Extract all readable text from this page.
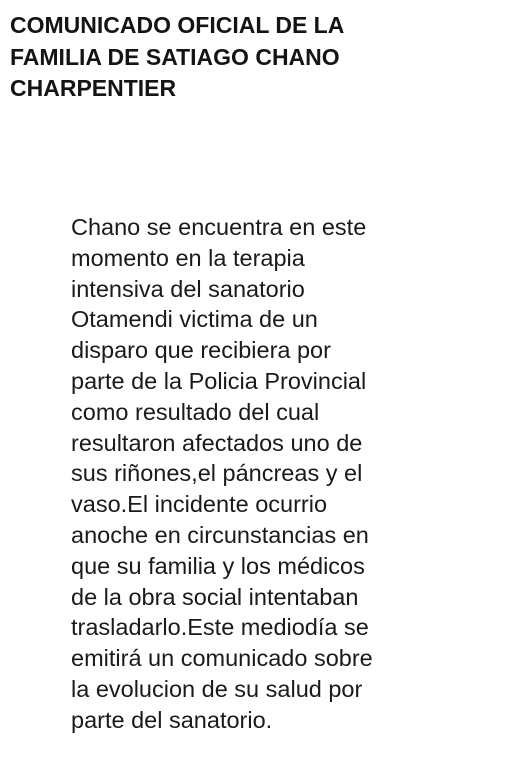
COMUNICADO OFICIAL DE LA
FAMILIA DE SATIAGO CHANO
CHARPENTIER
Chano se encuentra en este
momento en la terapia
intensiva del sanatorio
Otamendi victima de un
disparo que recibiera por
parte de la Policia Provincial
como resultado del cual
resultaron afectados uno de
sus riñones,el páncreas y el
vaso.El incidente ocurrio
anoche en circunstancias en
que su familia y los médicos
de la obra social intentaban
trasladarlo.Este mediodía se
emitirá un comunicado sobre
la evolucion de su salud por
parte del sanatorio.
